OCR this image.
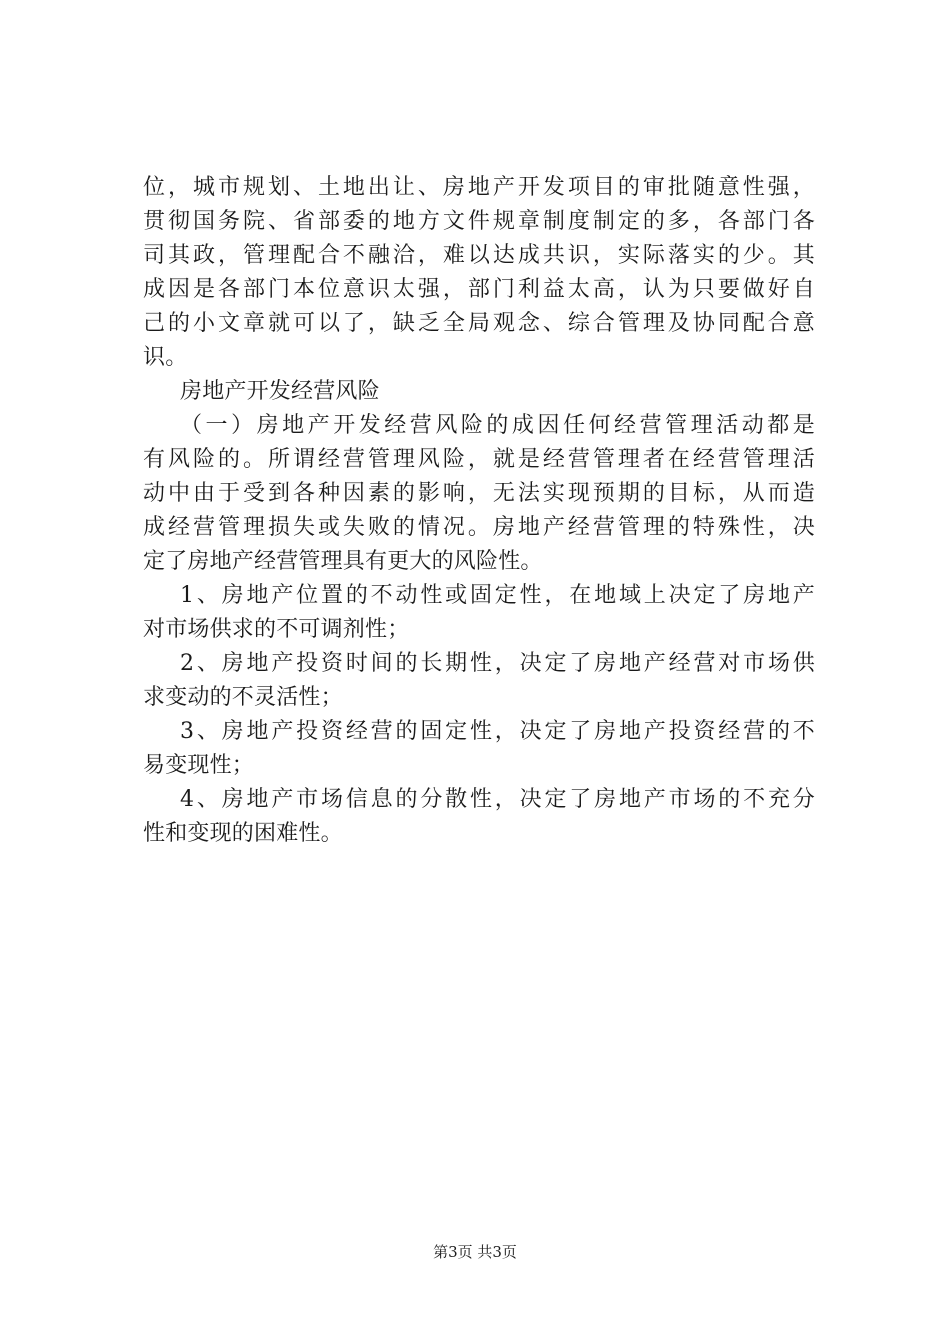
位，城市规划、土地出让、房地产开发项目的审批随意性强，
贯彻国务院、省部委的地方文件规章制度制定的多，各部门各
司其政，管理配合不融洽，难以达成共识，实际落实的少。其
成因是各部门本位意识太强，部门利益太高，认为只要做好自
己的小文章就可以了，缺乏全局观念、综合管理及协同配合意
识。
房地产开发经营风险
（一）房地产开发经营风险的成因任何经营管理活动都是
有风险的。所谓经营管理风险，就是经营管理者在经营管理活
动中由于受到各种因素的影响，无法实现预期的目标，从而造
成经营管理损失或失败的情况。房地产经营管理的特殊性，决
定了房地产经营管理具有更大的风险性。
1、房地产位置的不动性或固定性，在地域上决定了房地产
对市场供求的不可调剂性；
2、房地产投资时间的长期性，决定了房地产经营对市场供
求变动的不灵活性；
3、房地产投资经营的固定性，决定了房地产投资经营的不
易变现性；
4、房地产市场信息的分散性，决定了房地产市场的不充分
性和变现的困难性。
第3页 共3页
